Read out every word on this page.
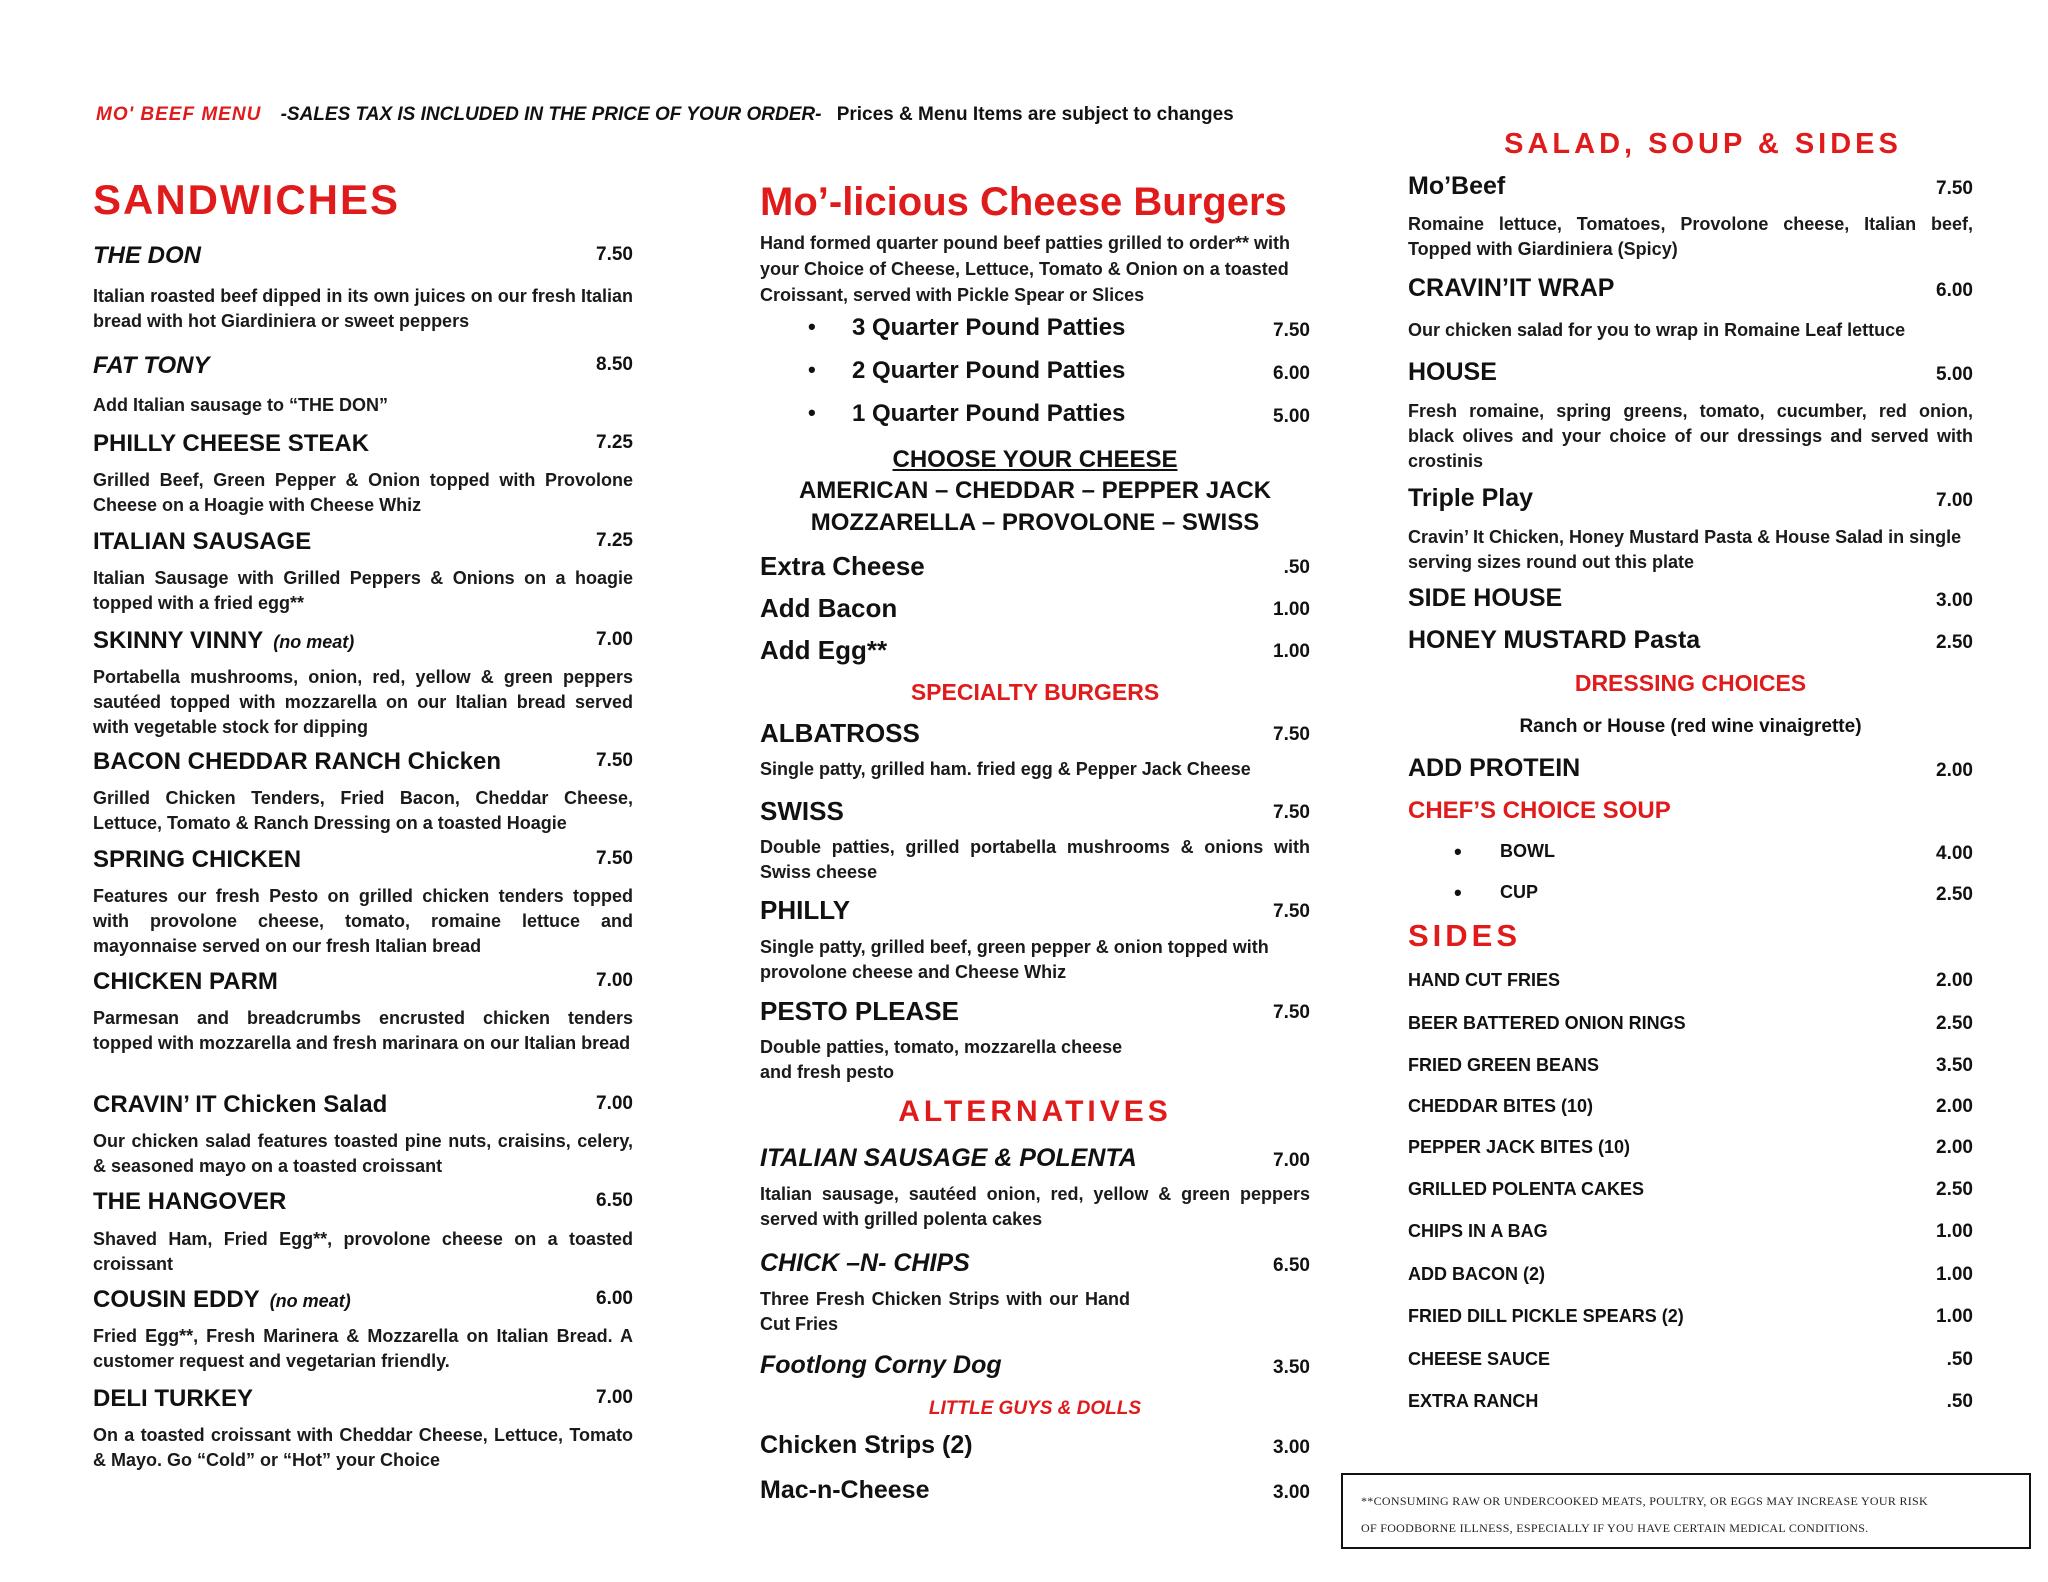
MO' BEEF MENU -SALES TAX IS INCLUDED IN THE PRICE OF YOUR ORDER- Prices & Menu Items are subject to changes
SANDWICHES
THE DON	7.50
Italian roasted beef dipped in its own juices on our fresh Italian bread with hot Giardiniera or sweet peppers
FAT TONY	8.50
Add Italian sausage to “THE DON”
PHILLY CHEESE STEAK	7.25
Grilled Beef, Green Pepper & Onion topped with Provolone Cheese on a Hoagie with Cheese Whiz
ITALIAN SAUSAGE	7.25
Italian Sausage with Grilled Peppers & Onions on a hoagie topped with a fried egg**
SKINNY VINNY (no meat)	7.00
Portabella mushrooms, onion, red, yellow & green peppers sautéed topped with mozzarella on our Italian bread served with vegetable stock for dipping
BACON CHEDDAR RANCH Chicken	7.50
Grilled Chicken Tenders, Fried Bacon, Cheddar Cheese, Lettuce, Tomato & Ranch Dressing on a toasted Hoagie
SPRING CHICKEN	7.50
Features our fresh Pesto on grilled chicken tenders topped with provolone cheese, tomato, romaine lettuce and mayonnaise served on our fresh Italian bread
CHICKEN PARM	7.00
Parmesan and breadcrumbs encrusted chicken tenders topped with mozzarella and fresh marinara on our Italian bread
CRAVIN’ IT Chicken Salad	7.00
Our chicken salad features toasted pine nuts, craisins, celery, & seasoned mayo on a toasted croissant
THE HANGOVER	6.50
Shaved Ham, Fried Egg**, provolone cheese on a toasted croissant
COUSIN EDDY (no meat)	6.00
Fried Egg**, Fresh Marinera & Mozzarella on Italian Bread. A customer request and vegetarian friendly.
DELI TURKEY	7.00
On a toasted croissant with Cheddar Cheese, Lettuce, Tomato & Mayo. Go “Cold” or “Hot” your Choice
Mo’-licious Cheese Burgers
Hand formed quarter pound beef patties grilled to order** with your Choice of Cheese, Lettuce, Tomato & Onion on a toasted Croissant, served with Pickle Spear or Slices
• 3 Quarter Pound Patties	7.50
• 2 Quarter Pound Patties	6.00
• 1 Quarter Pound Patties	5.00
CHOOSE YOUR CHEESE
AMERICAN – CHEDDAR – PEPPER JACK
MOZZARELLA – PROVOLONE – SWISS
Extra Cheese	.50
Add Bacon	1.00
Add Egg**	1.00
SPECIALTY BURGERS
ALBATROSS	7.50
Single patty, grilled ham. fried egg & Pepper Jack Cheese
SWISS	7.50
Double patties, grilled portabella mushrooms & onions with Swiss cheese
PHILLY	7.50
Single patty, grilled beef, green pepper & onion topped with provolone cheese and Cheese Whiz
PESTO PLEASE	7.50
Double patties, tomato, mozzarella cheese and fresh pesto
ALTERNATIVES
ITALIAN SAUSAGE & POLENTA	7.00
Italian sausage, sautéed onion, red, yellow & green peppers served with grilled polenta cakes
CHICK –N- CHIPS	6.50
Three Fresh Chicken Strips with our Hand Cut Fries
Footlong Corny Dog	3.50
LITTLE GUYS & DOLLS
Chicken Strips (2)	3.00
Mac-n-Cheese	3.00
SALAD, SOUP & SIDES
Mo’Beef	7.50
Romaine lettuce, Tomatoes, Provolone cheese, Italian beef, Topped with Giardiniera (Spicy)
CRAVIN’IT WRAP	6.00
Our chicken salad for you to wrap in Romaine Leaf lettuce
HOUSE	5.00
Fresh romaine, spring greens, tomato, cucumber, red onion, black olives and your choice of our dressings and served with crostinis
Triple Play	7.00
Cravin’ It Chicken, Honey Mustard Pasta & House Salad in single serving sizes round out this plate
SIDE HOUSE	3.00
HONEY MUSTARD Pasta	2.50
DRESSING CHOICES
Ranch or House (red wine vinaigrette)
ADD PROTEIN	2.00
CHEF’S CHOICE SOUP
• BOWL	4.00
• CUP	2.50
SIDES
HAND CUT FRIES	2.00
BEER BATTERED ONION RINGS	2.50
FRIED GREEN BEANS	3.50
CHEDDAR BITES (10)	2.00
PEPPER JACK BITES (10)	2.00
GRILLED POLENTA CAKES	2.50
CHIPS IN A BAG	1.00
ADD BACON (2)	1.00
FRIED DILL PICKLE SPEARS (2)	1.00
CHEESE SAUCE	.50
EXTRA RANCH	.50
**CONSUMING RAW OR UNDERCOOKED MEATS, POULTRY, OR EGGS MAY INCREASE YOUR RISK
OF FOODBORNE ILLNESS, ESPECIALLY IF YOU HAVE CERTAIN MEDICAL CONDITIONS.
